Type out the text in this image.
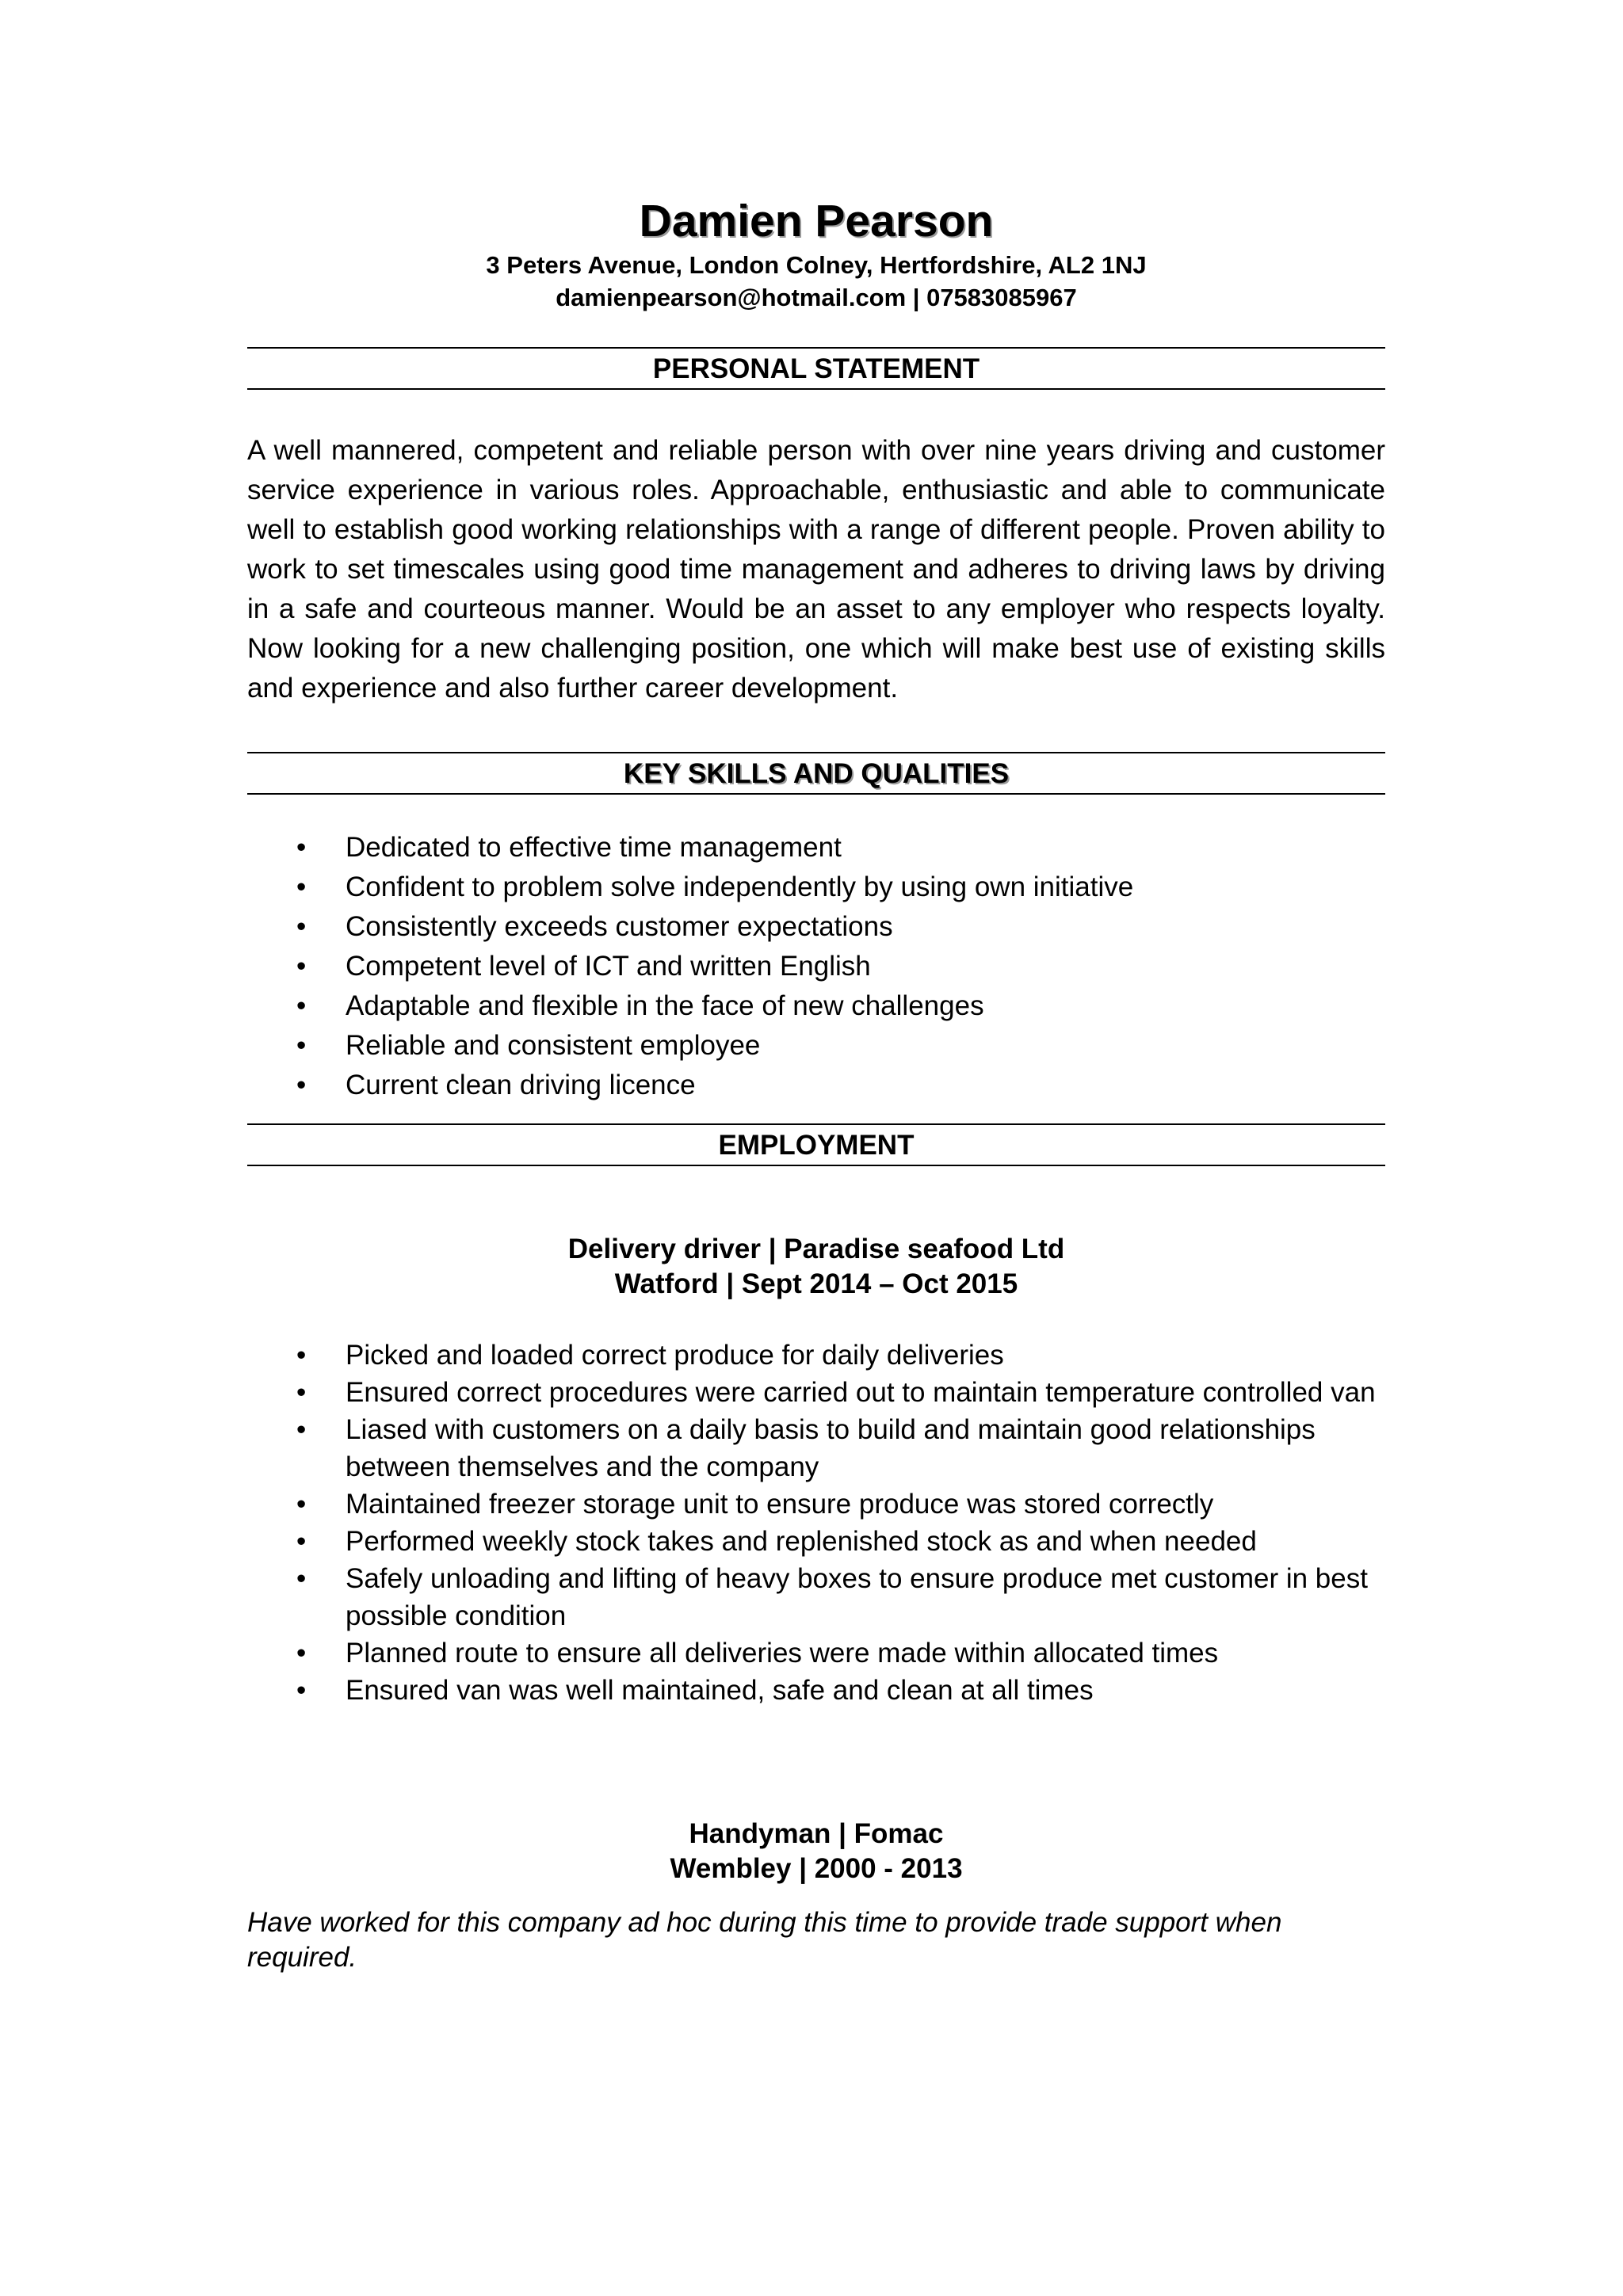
Damien Pearson

3 Peters Avenue, London Colney, Hertfordshire, AL2 1NJ

damienpearson@hotmail.com | 07583085967

PERSONAL STATEMENT

A well mannered, competent and reliable person with over nine years driving and customer service experience in various roles. Approachable, enthusiastic and able to communicate well to establish good working relationships with a range of different people. Proven ability to work to set timescales using good time management and adheres to driving laws by driving in a safe and courteous manner. Would be an asset to any employer who respects loyalty. Now looking for a new challenging position, one which will make best use of existing skills and experience and also further career development.

KEY SKILLS AND QUALITIES
• Dedicated to effective time management
• Confident to problem solve independently by using own initiative
• Consistently exceeds customer expectations
• Competent level of ICT and written English
• Adaptable and flexible in the face of new challenges
• Reliable and consistent employee
• Current clean driving licence
EMPLOYMENT

Delivery driver | Paradise seafood Ltd

Watford | Sept 2014 – Oct 2015

• Picked and loaded correct produce for daily deliveries
• Ensured correct procedures were carried out to maintain temperature controlled van
• Liased with customers on a daily basis to build and maintain good relationships between themselves and the company
• Maintained freezer storage unit to ensure produce was stored correctly
• Performed weekly stock takes and replenished stock as and when needed
• Safely unloading and lifting of heavy boxes to ensure produce met customer in best possible condition
• Planned route to ensure all deliveries were made within allocated times
• Ensured van was well maintained, safe and clean at all times

Handyman | Fomac

Wembley | 2000 - 2013

Have worked for this company ad hoc during this time to provide trade support when required.
